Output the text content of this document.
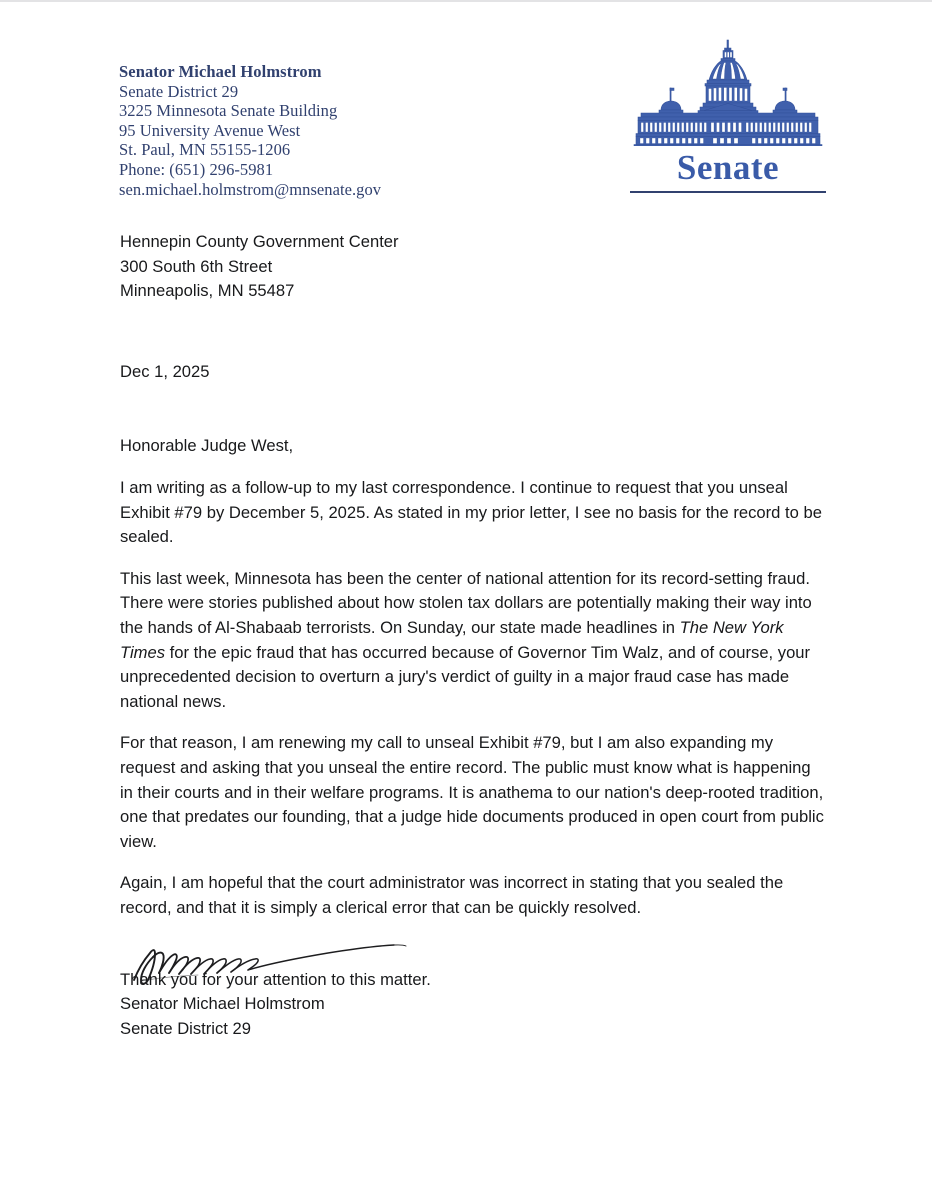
Senator Michael Holmstrom
Senate District 29
3225 Minnesota Senate Building
95 University Avenue West
St. Paul, MN 55155-1206
Phone: (651) 296-5981
sen.michael.holmstrom@mnsenate.gov
Senate
Hennepin County Government Center
300 South 6th Street
Minneapolis, MN 55487

Dec 1, 2025

Honorable Judge West,

I am writing as a follow-up to my last correspondence. I continue to request that you unseal Exhibit #79 by December 5, 2025. As stated in my prior letter, I see no basis for the record to be sealed.

This last week, Minnesota has been the center of national attention for its record-setting fraud. There were stories published about how stolen tax dollars are potentially making their way into the hands of Al-Shabaab terrorists. On Sunday, our state made headlines in The New York Times for the epic fraud that has occurred because of Governor Tim Walz, and of course, your unprecedented decision to overturn a jury's verdict of guilty in a major fraud case has made national news.

For that reason, I am renewing my call to unseal Exhibit #79, but I am also expanding my request and asking that you unseal the entire record. The public must know what is happening in their courts and in their welfare programs. It is anathema to our nation's deep-rooted tradition, one that predates our founding, that a judge hide documents produced in open court from public view.

Again, I am hopeful that the court administrator was incorrect in stating that you sealed the record, and that it is simply a clerical error that can be quickly resolved.

Thank you for your attention to this matter.

Senator Michael Holmstrom
Senate District 29
